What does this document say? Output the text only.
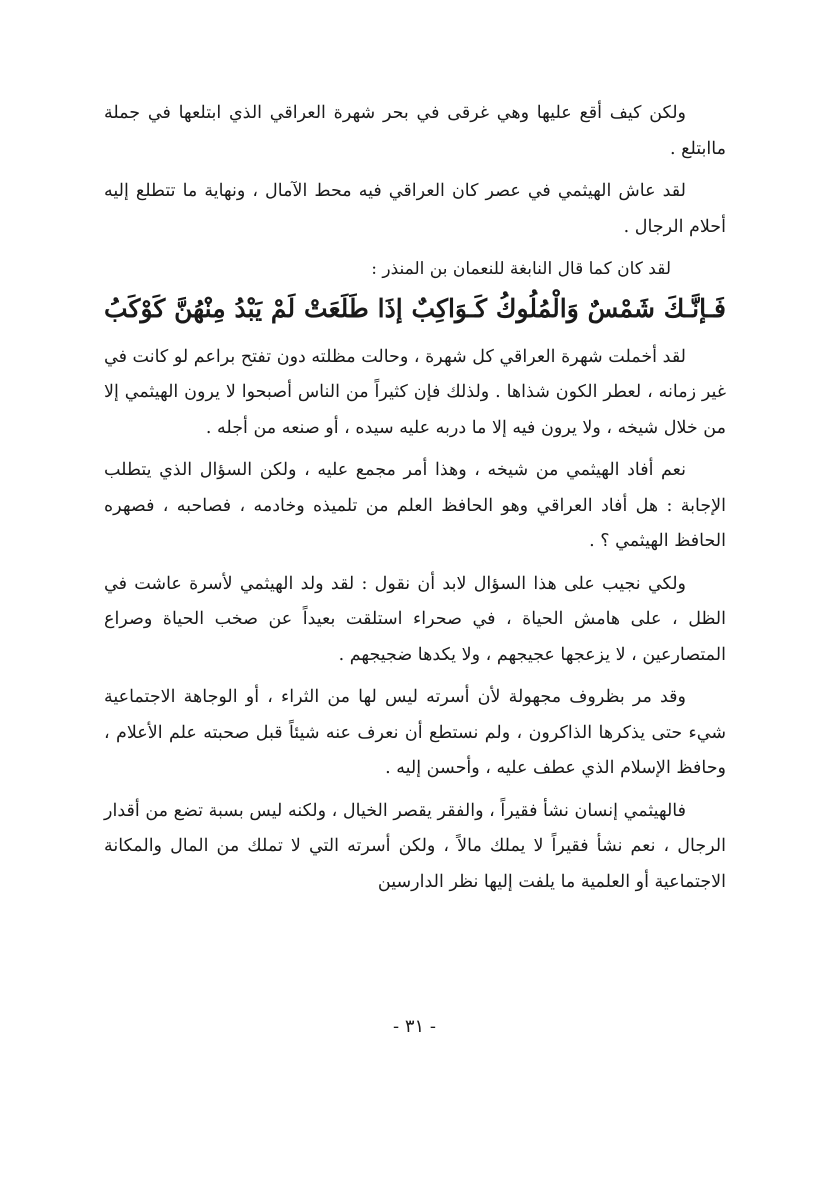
ولكن كيف أقع عليها وهي غرقى في بحر شهرة العراقي الذي ابتلعها في جملة ماابتلع .

لقد عاش الهيثمي في عصر كان العراقي فيه محط الآمال ، ونهاية ما تتطلع إليه أحلام الرجال .

لقد كان كما قال النابغة للنعمان بن المنذر :

فَـإنَّـكَ شَمْسٌ وَالْمُلُوكُ كَـوَاكِبٌ إذَا طَلَعَتْ لَمْ يَبْدُ مِنْهُنَّ كَوْكَبُ

لقد أخملت شهرة العراقي كل شهرة ، وحالت مظلته دون تفتح براعم لو كانت في غير زمانه ، لعطر الكون شذاها . ولذلك فإن كثيراً من الناس أصبحوا لا يرون الهيثمي إلا من خلال شيخه ، ولا يرون فيه إلا ما دربه عليه سيده ، أو صنعه من أجله .

نعم أفاد الهيثمي من شيخه ، وهذا أمر مجمع عليه ، ولكن السؤال الذي يتطلب الإجابة : هل أفاد العراقي وهو الحافظ العلم من تلميذه وخادمه ، فصاحبه ، فصهره الحافظ الهيثمي ؟ .

ولكي نجيب على هذا السؤال لابد أن نقول : لقد ولد الهيثمي لأسرة عاشت في الظل ، على هامش الحياة ، في صحراء استلقت بعيداً عن صخب الحياة وصراع المتصارعين ، لا يزعجها عجيجهم ، ولا يكدها ضجيجهم .

وقد مر بظروف مجهولة لأن أسرته ليس لها من الثراء ، أو الوجاهة الاجتماعية شيء حتى يذكرها الذاكرون ، ولم نستطع أن نعرف عنه شيئاً قبل صحبته علم الأعلام ، وحافظ الإسلام الذي عطف عليه ، وأحسن إليه .

فالهيثمي إنسان نشأ فقيراً ، والفقر يقصر الخيال ، ولكنه ليس بسبة تضع من أقدار الرجال ، نعم نشأ فقيراً لا يملك مالاً ، ولكن أسرته التي لا تملك من المال والمكانة الاجتماعية أو العلمية ما يلفت إليها نظر الدارسين

- ٣١ -
